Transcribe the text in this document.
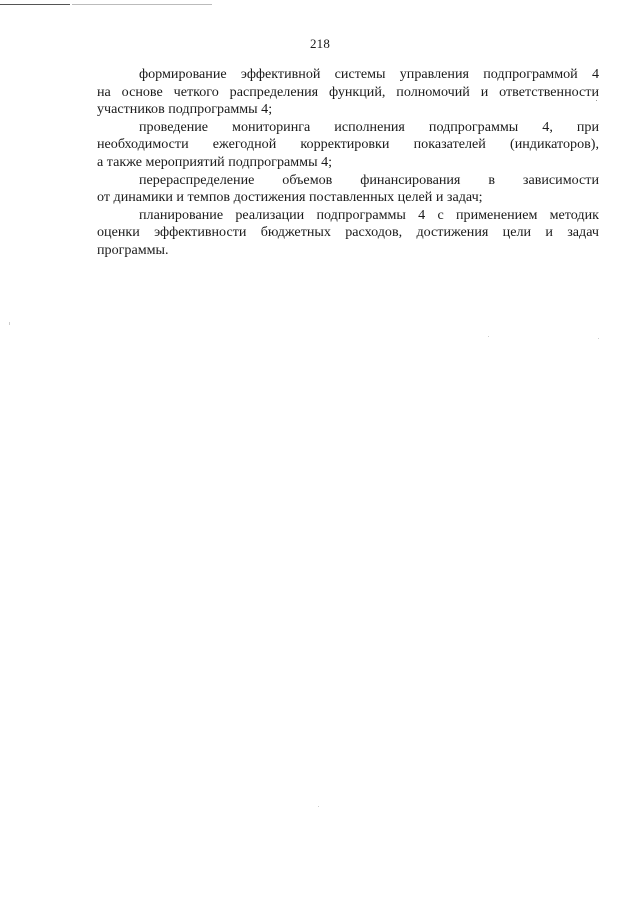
218

формирование эффективной системы управления подпрограммой 4
на основе четкого распределения функций, полномочий и ответственности
участников подпрограммы 4;

проведение мониторинга исполнения подпрограммы 4, при
необходимости ежегодной корректировки показателей (индикаторов),
а также мероприятий подпрограммы 4;

перераспределение объемов финансирования в зависимости
от динамики и темпов достижения поставленных целей и задач;

планирование реализации подпрограммы 4 с применением методик
оценки эффективности бюджетных расходов, достижения цели и задач
программы.
